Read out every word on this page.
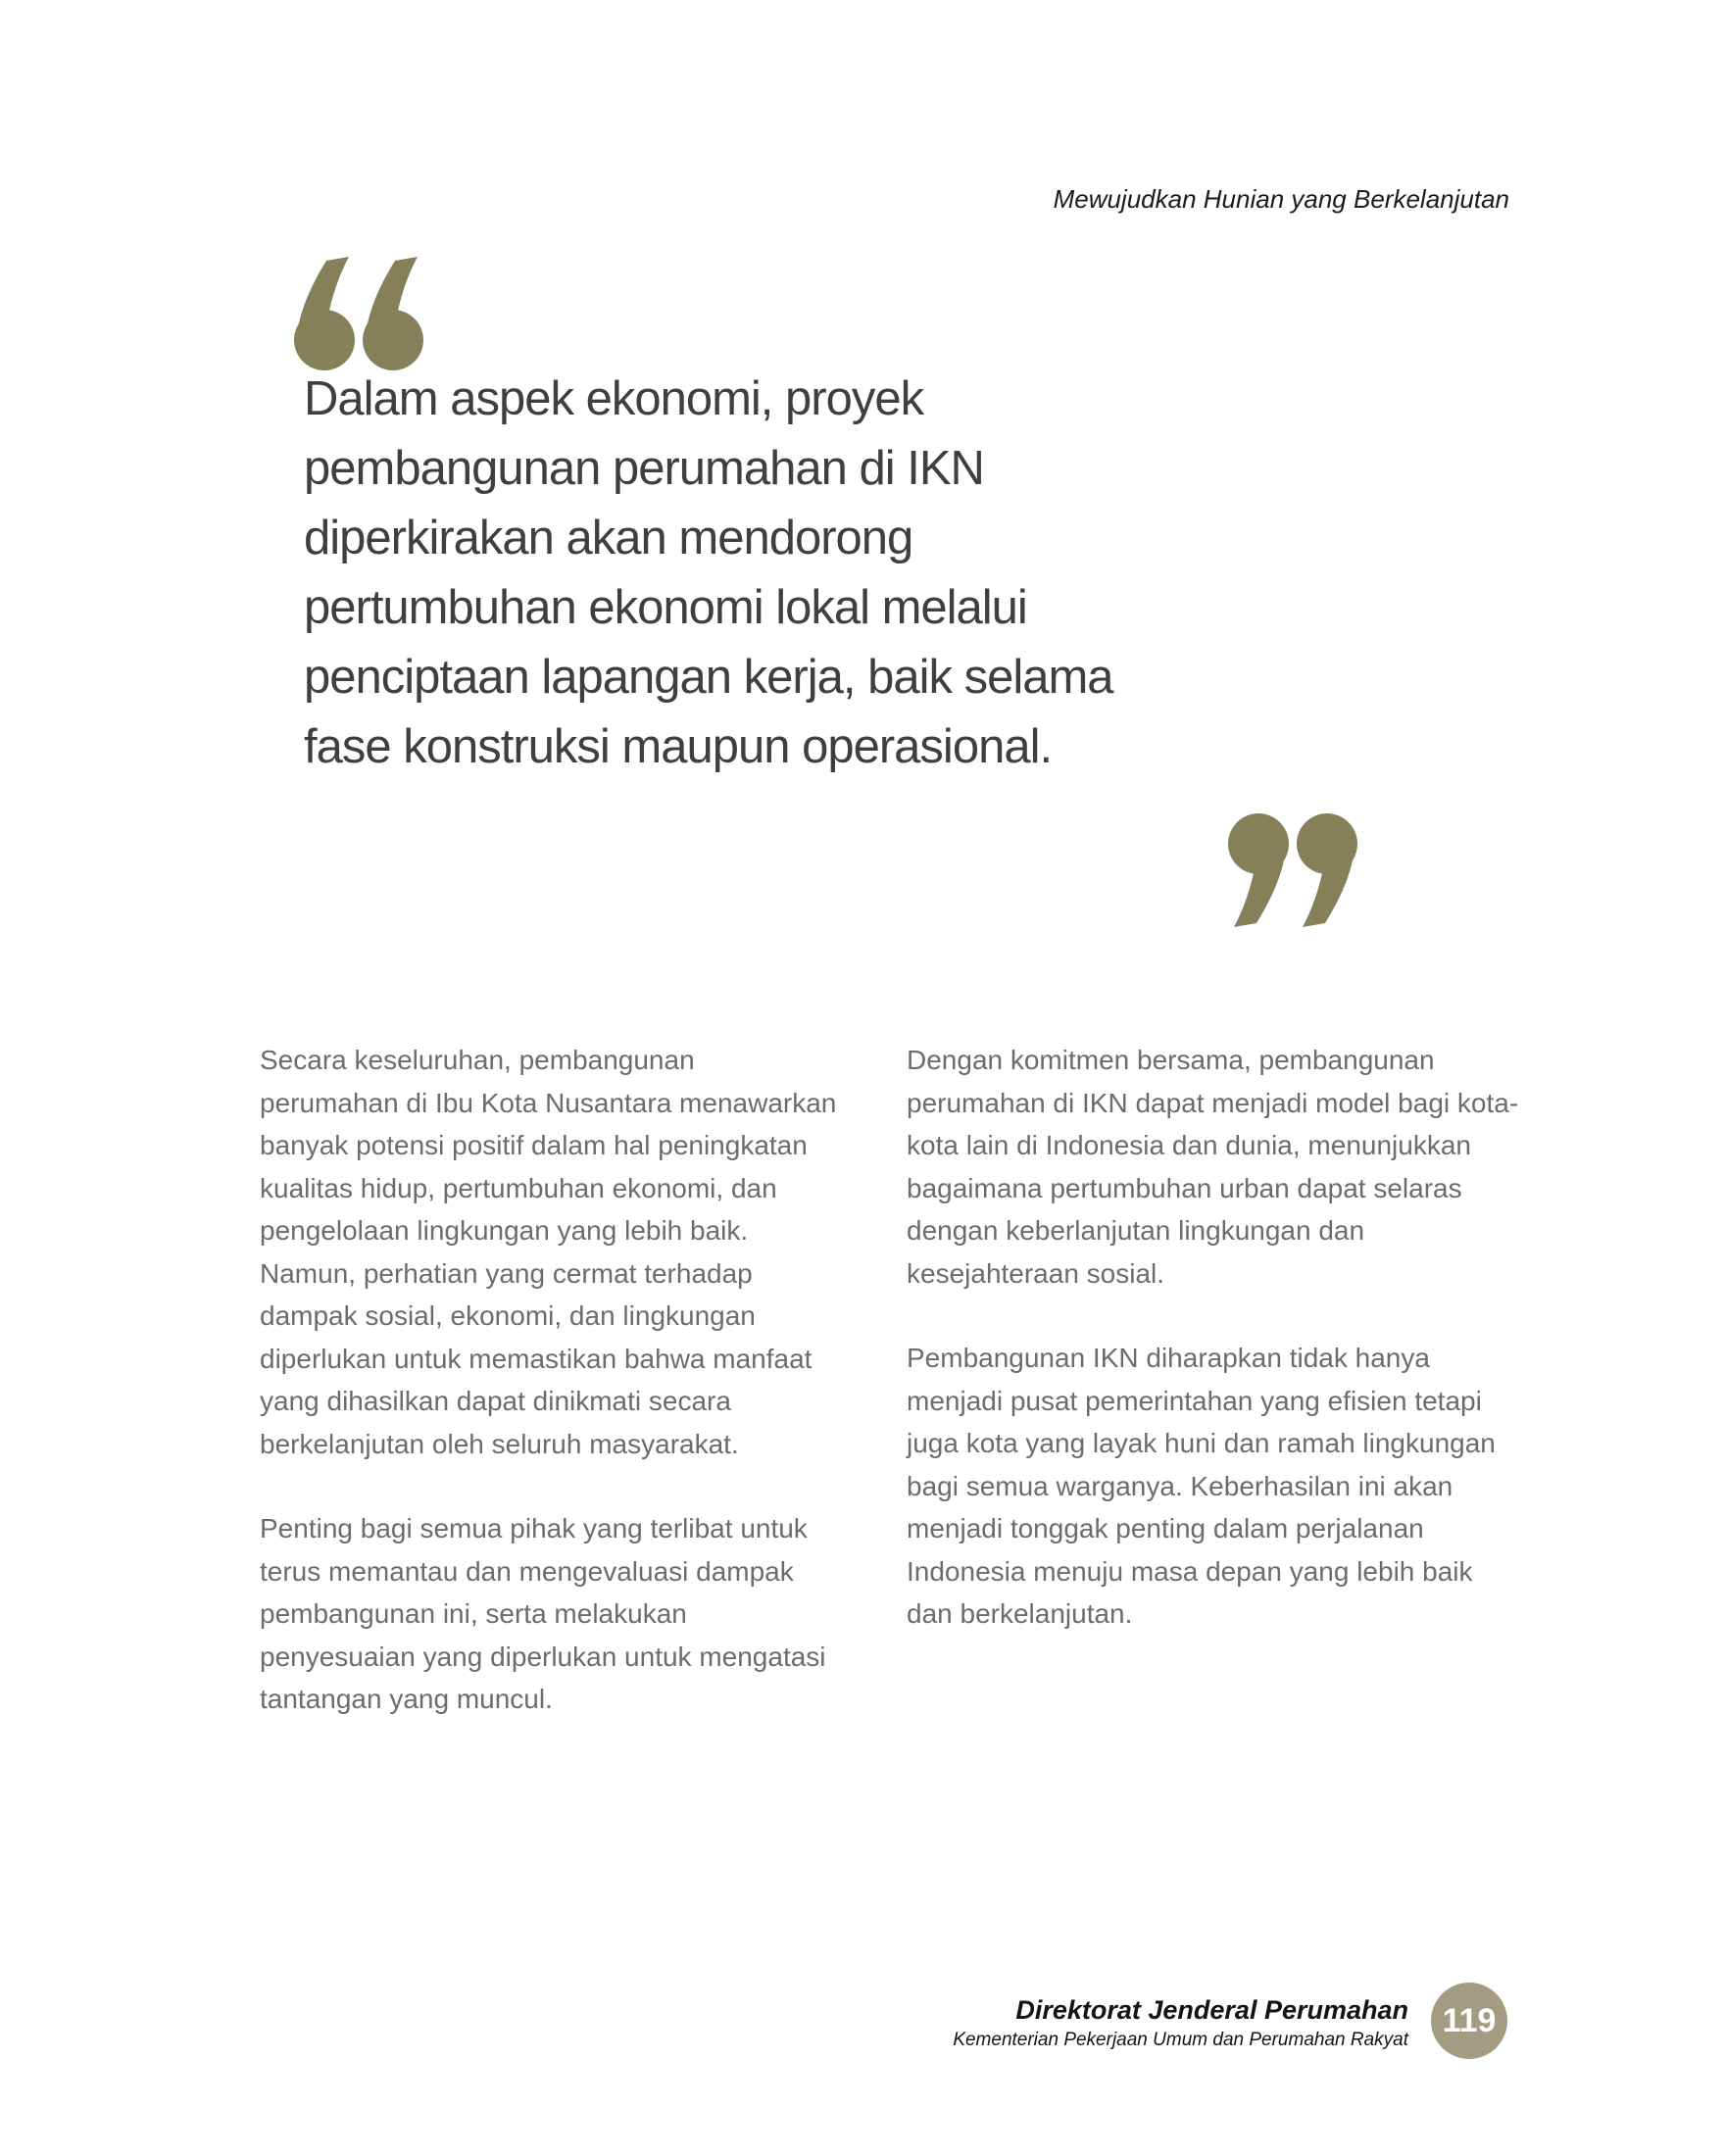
Mewujudkan Hunian yang Berkelanjutan
Dalam aspek ekonomi, proyek
pembangunan perumahan di IKN
diperkirakan akan mendorong
pertumbuhan ekonomi lokal melalui
penciptaan lapangan kerja, baik selama
fase konstruksi maupun operasional.

Secara keseluruhan, pembangunan perumahan di Ibu Kota Nusantara menawarkan banyak potensi positif dalam hal peningkatan kualitas hidup, pertumbuhan ekonomi, dan pengelolaan lingkungan yang lebih baik. Namun, perhatian yang cermat terhadap dampak sosial, ekonomi, dan lingkungan diperlukan untuk memastikan bahwa manfaat yang dihasilkan dapat dinikmati secara berkelanjutan oleh seluruh masyarakat.

Penting bagi semua pihak yang terlibat untuk terus memantau dan mengevaluasi dampak pembangunan ini, serta melakukan penyesuaian yang diperlukan untuk mengatasi tantangan yang muncul.

Dengan komitmen bersama, pembangunan perumahan di IKN dapat menjadi model bagi kota-kota lain di Indonesia dan dunia, menunjukkan bagaimana pertumbuhan urban dapat selaras dengan keberlanjutan lingkungan dan kesejahteraan sosial.

Pembangunan IKN diharapkan tidak hanya menjadi pusat pemerintahan yang efisien tetapi juga kota yang layak huni dan ramah lingkungan bagi semua warganya. Keberhasilan ini akan menjadi tonggak penting dalam perjalanan Indonesia menuju masa depan yang lebih baik dan berkelanjutan.

Direktorat Jenderal Perumahan
Kementerian Pekerjaan Umum dan Perumahan Rakyat
119
